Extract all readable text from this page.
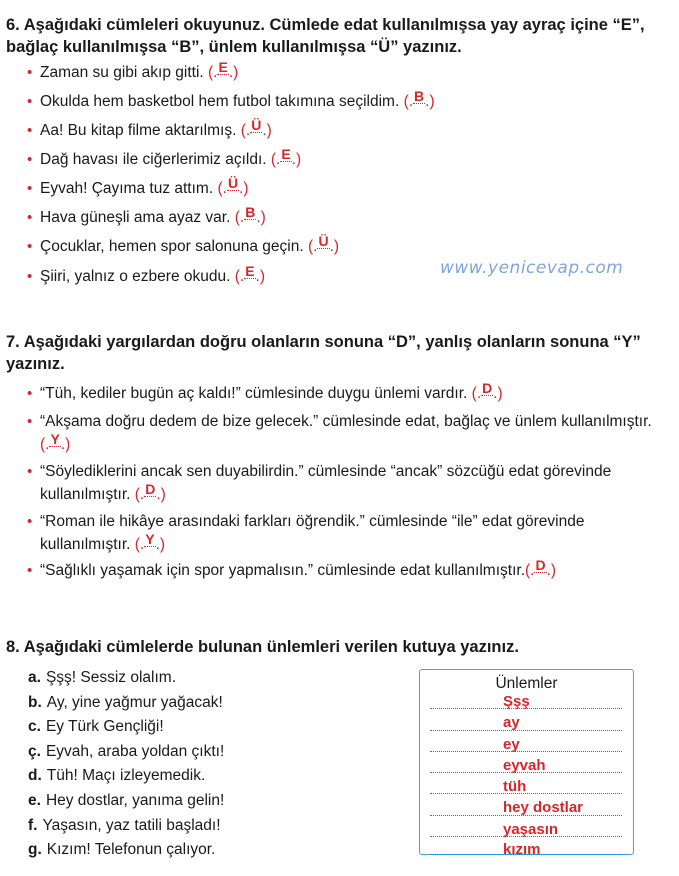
6. Aşağıdaki cümleleri okuyunuz. Cümlede edat kullanılmışsa yay ayraç içine “E”, bağlaç kullanılmışsa “B”, ünlem kullanılmışsa “Ü” yazınız.
• Zaman su gibi akıp gitti. (.E.)
• Okulda hem basketbol hem futbol takımına seçildim. (.B.)
• Aa! Bu kitap filme aktarılmış. (.Ü.)
• Dağ havası ile ciğerlerimiz açıldı. (.E.)
• Eyvah! Çayıma tuz attım. (.Ü.)
• Hava güneşli ama ayaz var. (.B.)
• Çocuklar, hemen spor salonuna geçin. (.Ü.)
• Şiiri, yalnız o ezbere okudu. (.E.)	www.yenicevap.com
7. Aşağıdaki yargılardan doğru olanların sonuna “D”, yanlış olanların sonuna “Y” yazınız.
• “Tüh, kediler bugün aç kaldı!” cümlesinde duygu ünlemi vardır. (.D.)
• “Akşama doğru dedem de bize gelecek.” cümlesinde edat, bağlaç ve ünlem kullanılmıştır. (.Y.)
• “Söylediklerini ancak sen duyabilirdin.” cümlesinde “ancak” sözcüğü edat görevinde kullanılmıştır. (.D.)
• “Roman ile hikâye arasındaki farkları öğrendik.” cümlesinde “ile” edat görevinde kullanılmıştır. (.Y.)
• “Sağlıklı yaşamak için spor yapmalısın.” cümlesinde edat kullanılmıştır.(.D.)
8. Aşağıdaki cümlelerde bulunan ünlemleri verilen kutuya yazınız.
a. Şşş! Sessiz olalım.
b. Ay, yine yağmur yağacak!
c. Ey Türk Gençliği!
ç. Eyvah, araba yoldan çıktı!
d. Tüh! Maçı izleyemedik.
e. Hey dostlar, yanıma gelin!
f. Yaşasın, yaz tatili başladı!
g. Kızım! Telefonun çalıyor.
Ünlemler
Şşş
ay
ey
eyvah
tüh
hey dostlar
yaşasın
kızım
